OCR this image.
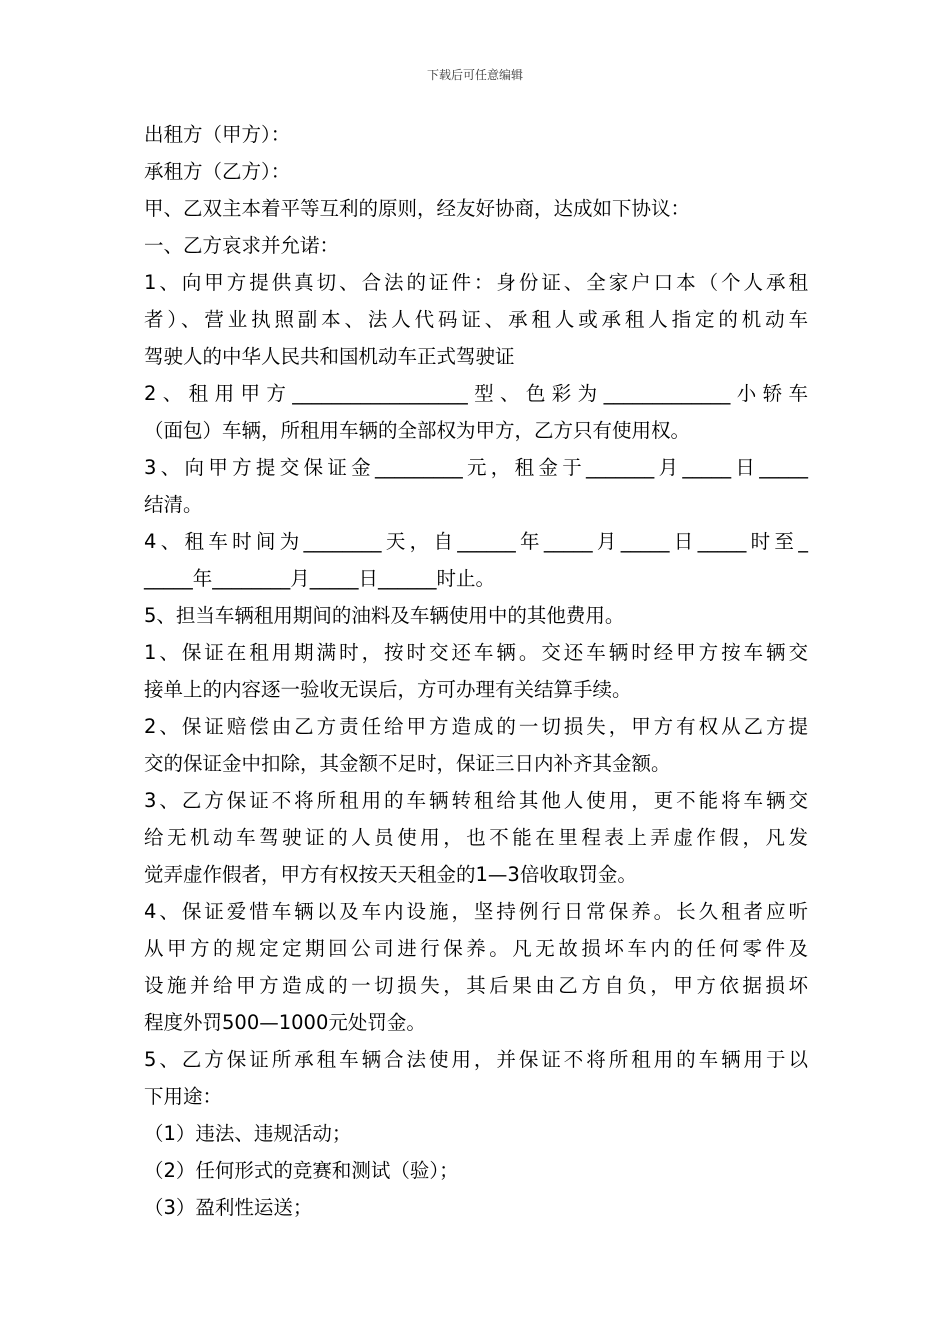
下载后可任意编辑
出租方（甲方）：
承租方（乙方）：
甲、乙双主本着平等互利的原则，经友好协商，达成如下协议：
一、乙方哀求并允诺：
1、向甲方提供真切、合法的证件：身份证、全家户口本（个人承租
者）、营业执照副本、法人代码证、承租人或承租人指定的机动车
驾驶人的中华人民共和国机动车正式驾驶证
2、租用甲方__________________型、色彩为_____________小轿车
（面包）车辆，所租用车辆的全部权为甲方，乙方只有使用权。
3、向甲方提交保证金_________元，租金于_______月_____日_____
结清。
4、租车时间为________天，自______年_____月_____日_____时至_
_____年________月_____日______时止。
5、担当车辆租用期间的油料及车辆使用中的其他费用。
1、保证在租用期满时，按时交还车辆。交还车辆时经甲方按车辆交
接单上的内容逐一验收无误后，方可办理有关结算手续。
2、保证赔偿由乙方责任给甲方造成的一切损失，甲方有权从乙方提
交的保证金中扣除，其金额不足时，保证三日内补齐其金额。
3、乙方保证不将所租用的车辆转租给其他人使用，更不能将车辆交
给无机动车驾驶证的人员使用，也不能在里程表上弄虚作假，凡发
觉弄虚作假者，甲方有权按天天租金的1—3倍收取罚金。
4、保证爱惜车辆以及车内设施，坚持例行日常保养。长久租者应听
从甲方的规定定期回公司进行保养。凡无故损坏车内的任何零件及
设施并给甲方造成的一切损失，其后果由乙方自负，甲方依据损坏
程度外罚500—1000元处罚金。
5、乙方保证所承租车辆合法使用，并保证不将所租用的车辆用于以
下用途：
（1）违法、违规活动；
（2）任何形式的竞赛和测试（验）；
（3）盈利性运送；
